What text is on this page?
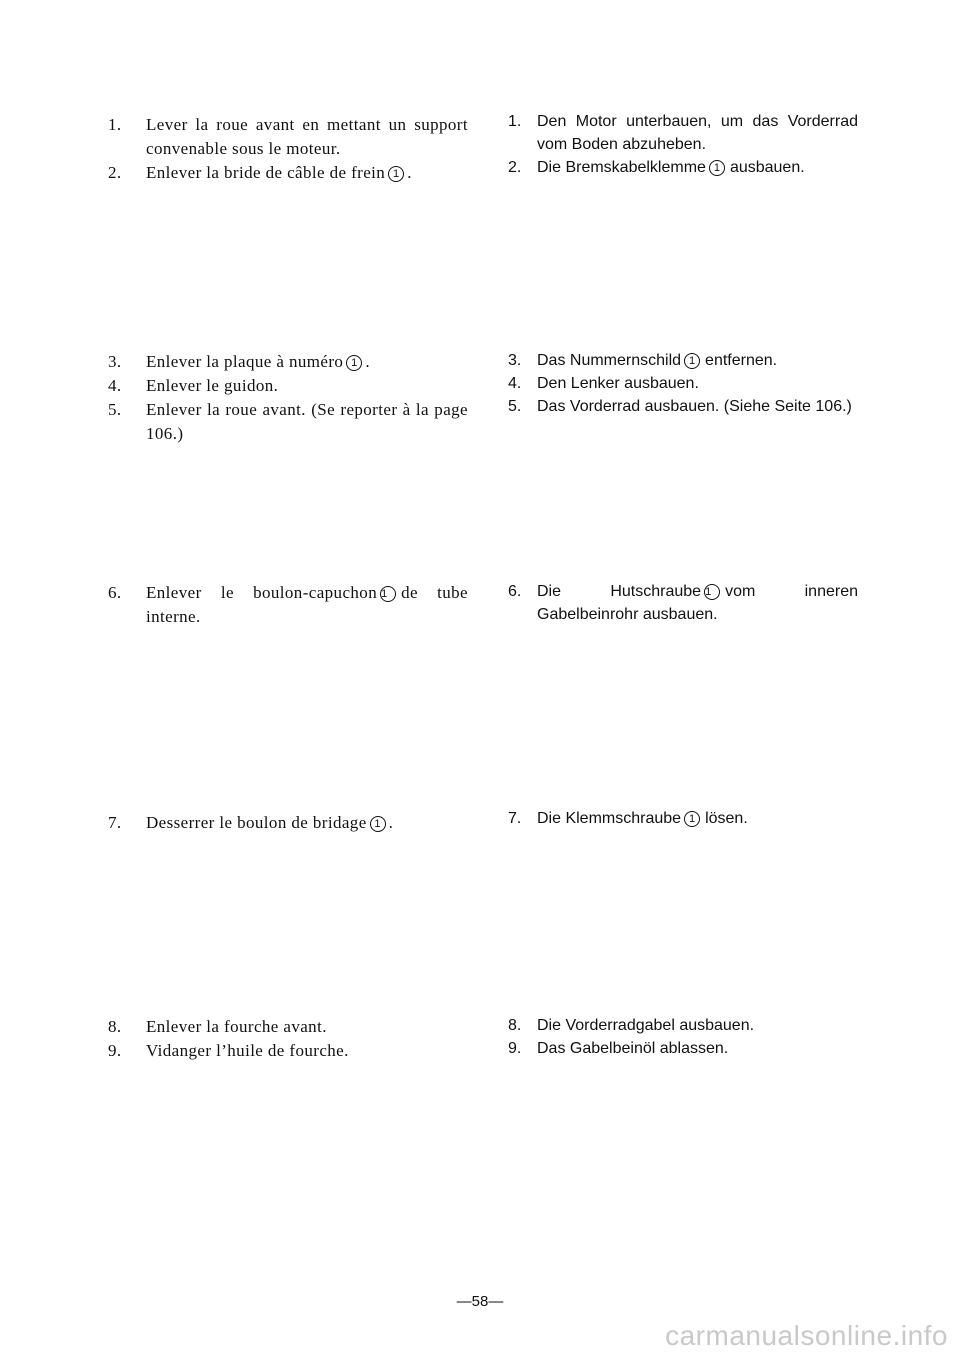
1. Lever la roue avant en mettant un support convenable sous le moteur.

2. Enlever la bride de câble de frein 1 .

3. Enlever la plaque à numéro 1 .

4. Enlever le guidon.

5. Enlever la roue avant. (Se reporter à la page 106.)

6. Enlever le boulon-capuchon 1 de tube interne.

7. Desserrer le boulon de bridage 1 .

8. Enlever la fourche avant.

9. Vidanger l’huile de fourche.

1. Den Motor unterbauen, um das Vorderrad vom Boden abzuheben.

2. Die Bremskabelklemme 1 ausbauen.

3. Das Nummernschild 1 entfernen.

4. Den Lenker ausbauen.

5. Das Vorderrad ausbauen. (Siehe Seite 106.)

6. Die Hutschraube 1 vom inneren Gabelbeinrohr ausbauen.

7. Die Klemmschraube 1 lösen.

8. Die Vorderradgabel ausbauen.

9. Das Gabelbeinöl ablassen.

—58—
carmanualsonline.info
